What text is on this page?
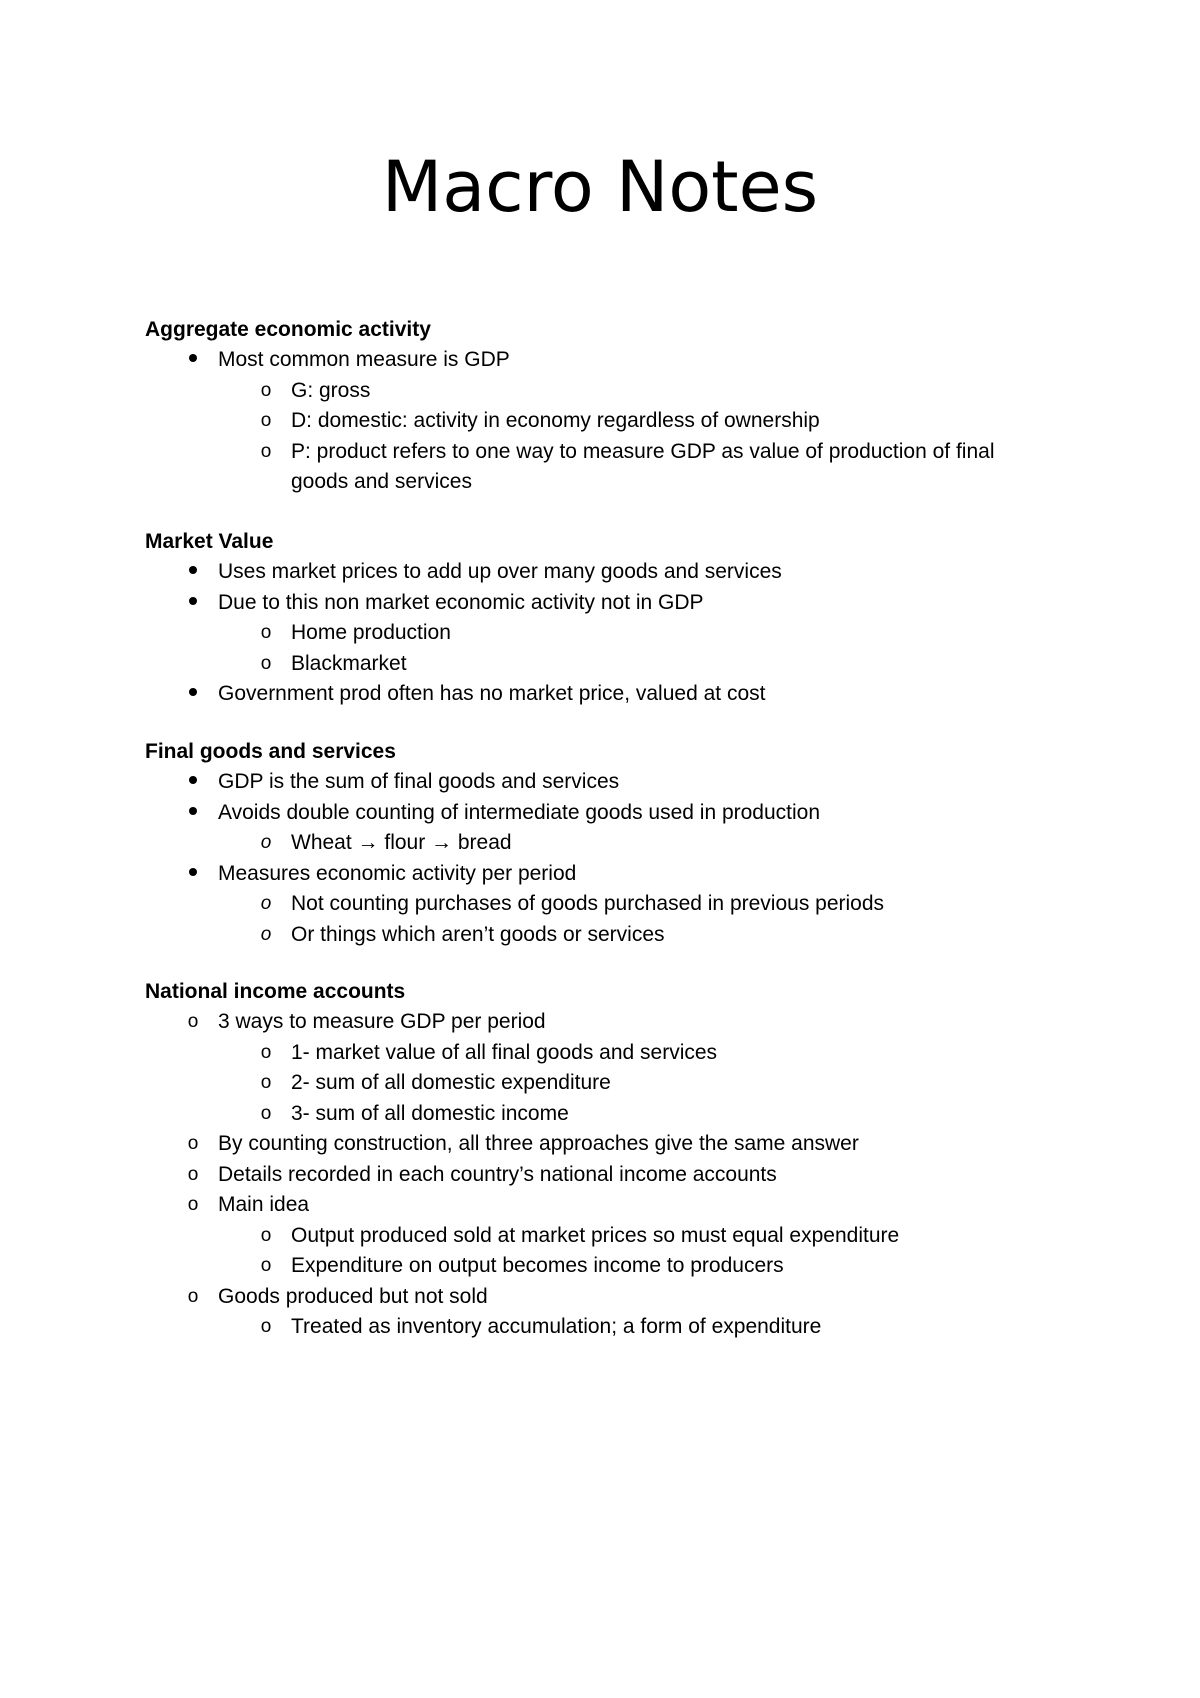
Macro Notes
Aggregate economic activity
Most common measure is GDP
o G: gross
o D: domestic: activity in economy regardless of ownership
o P: product refers to one way to measure GDP as value of production of final goods and services
Market Value
Uses market prices to add up over many goods and services
Due to this non market economic activity not in GDP
o Home production
o Blackmarket
Government prod often has no market price, valued at cost
Final goods and services
GDP is the sum of final goods and services
Avoids double counting of intermediate goods used in production
o Wheat → flour → bread
Measures economic activity per period
o Not counting purchases of goods purchased in previous periods
o Or things which aren’t goods or services
National income accounts
o 3 ways to measure GDP per period
o 1- market value of all final goods and services
o 2- sum of all domestic expenditure
o 3- sum of all domestic income
o By counting construction, all three approaches give the same answer
o Details recorded in each country’s national income accounts
o Main idea
o Output produced sold at market prices so must equal expenditure
o Expenditure on output becomes income to producers
o Goods produced but not sold
o Treated as inventory accumulation; a form of expenditure
